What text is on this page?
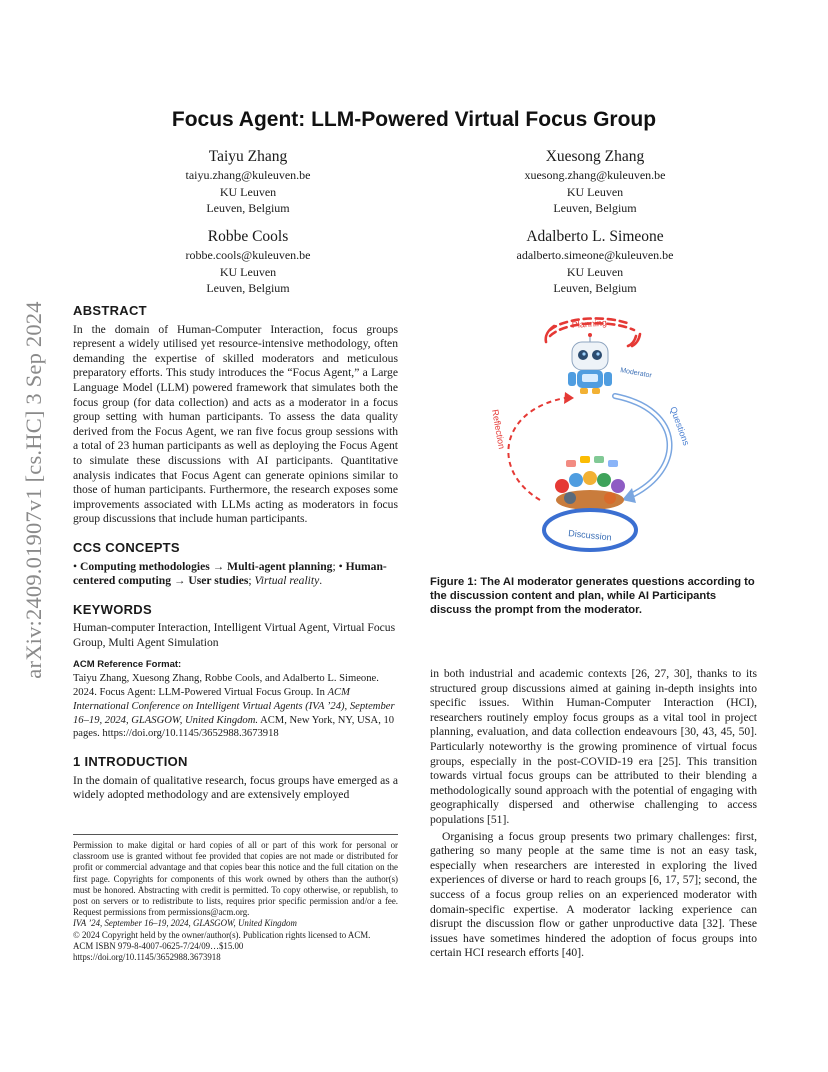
arXiv:2409.01907v1 [cs.HC] 3 Sep 2024
Focus Agent: LLM-Powered Virtual Focus Group
Taiyu Zhang
taiyu.zhang@kuleuven.be
KU Leuven
Leuven, Belgium
Xuesong Zhang
xuesong.zhang@kuleuven.be
KU Leuven
Leuven, Belgium
Robbe Cools
robbe.cools@kuleuven.be
KU Leuven
Leuven, Belgium
Adalberto L. Simeone
adalberto.simeone@kuleuven.be
KU Leuven
Leuven, Belgium
ABSTRACT

In the domain of Human-Computer Interaction, focus groups represent a widely utilised yet resource-intensive methodology, often demanding the expertise of skilled moderators and meticulous preparatory efforts. This study introduces the “Focus Agent,” a Large Language Model (LLM) powered framework that simulates both the focus group (for data collection) and acts as a moderator in a focus group setting with human participants. To assess the data quality derived from the Focus Agent, we ran five focus group sessions with a total of 23 human participants as well as deploying the Focus Agent to simulate these discussions with AI participants. Quantitative analysis indicates that Focus Agent can generate opinions similar to those of human participants. Furthermore, the research exposes some improvements associated with LLMs acting as moderators in focus group discussions that include human participants.

CCS CONCEPTS

• Computing methodologies → Multi-agent planning; • Human-centered computing → User studies; Virtual reality.

KEYWORDS

Human-computer Interaction, Intelligent Virtual Agent, Virtual Focus Group, Multi Agent Simulation

ACM Reference Format:

Taiyu Zhang, Xuesong Zhang, Robbe Cools, and Adalberto L. Simeone. 2024. Focus Agent: LLM-Powered Virtual Focus Group. In ACM International Conference on Intelligent Virtual Agents (IVA ’24), September 16–19, 2024, GLASGOW, United Kingdom. ACM, New York, NY, USA, 10 pages. https://doi.org/10.1145/3652988.3673918

1 INTRODUCTION

In the domain of qualitative research, focus groups have emerged as a widely adopted methodology and are extensively employed

Permission to make digital or hard copies of all or part of this work for personal or classroom use is granted without fee provided that copies are not made or distributed for profit or commercial advantage and that copies bear this notice and the full citation on the first page. Copyrights for components of this work owned by others than the author(s) must be honored. Abstracting with credit is permitted. To copy otherwise, or republish, to post on servers or to redistribute to lists, requires prior specific permission and/or a fee. Request permissions from permissions@acm.org.

IVA ’24, September 16–19, 2024, GLASGOW, United Kingdom

© 2024 Copyright held by the owner/author(s). Publication rights licensed to ACM.

ACM ISBN 979-8-4007-0625-7/24/09…$15.00

https://doi.org/10.1145/3652988.3673918

Planning
Moderator
Reflection	Questions
Discussion
Figure 1: The AI moderator generates questions according to the discussion content and plan, while AI Participants discuss the prompt from the moderator.

in both industrial and academic contexts [26, 27, 30], thanks to its structured group discussions aimed at gaining in-depth insights into specific issues. Within Human-Computer Interaction (HCI), researchers routinely employ focus groups as a vital tool in project planning, evaluation, and data collection endeavours [30, 43, 45, 50]. Particularly noteworthy is the growing prominence of virtual focus groups, especially in the post-COVID-19 era [25]. This transition towards virtual focus groups can be attributed to their blending a methodologically sound approach with the potential of engaging with geographically dispersed and otherwise challenging to access populations [51].

Organising a focus group presents two primary challenges: first, gathering so many people at the same time is not an easy task, especially when researchers are interested in exploring the lived experiences of diverse or hard to reach groups [6, 17, 57]; second, the success of a focus group relies on an experienced moderator with domain-specific expertise. A moderator lacking experience can disrupt the discussion flow or gather unproductive data [32]. These issues have sometimes hindered the adoption of focus groups into certain HCI research efforts [40].
